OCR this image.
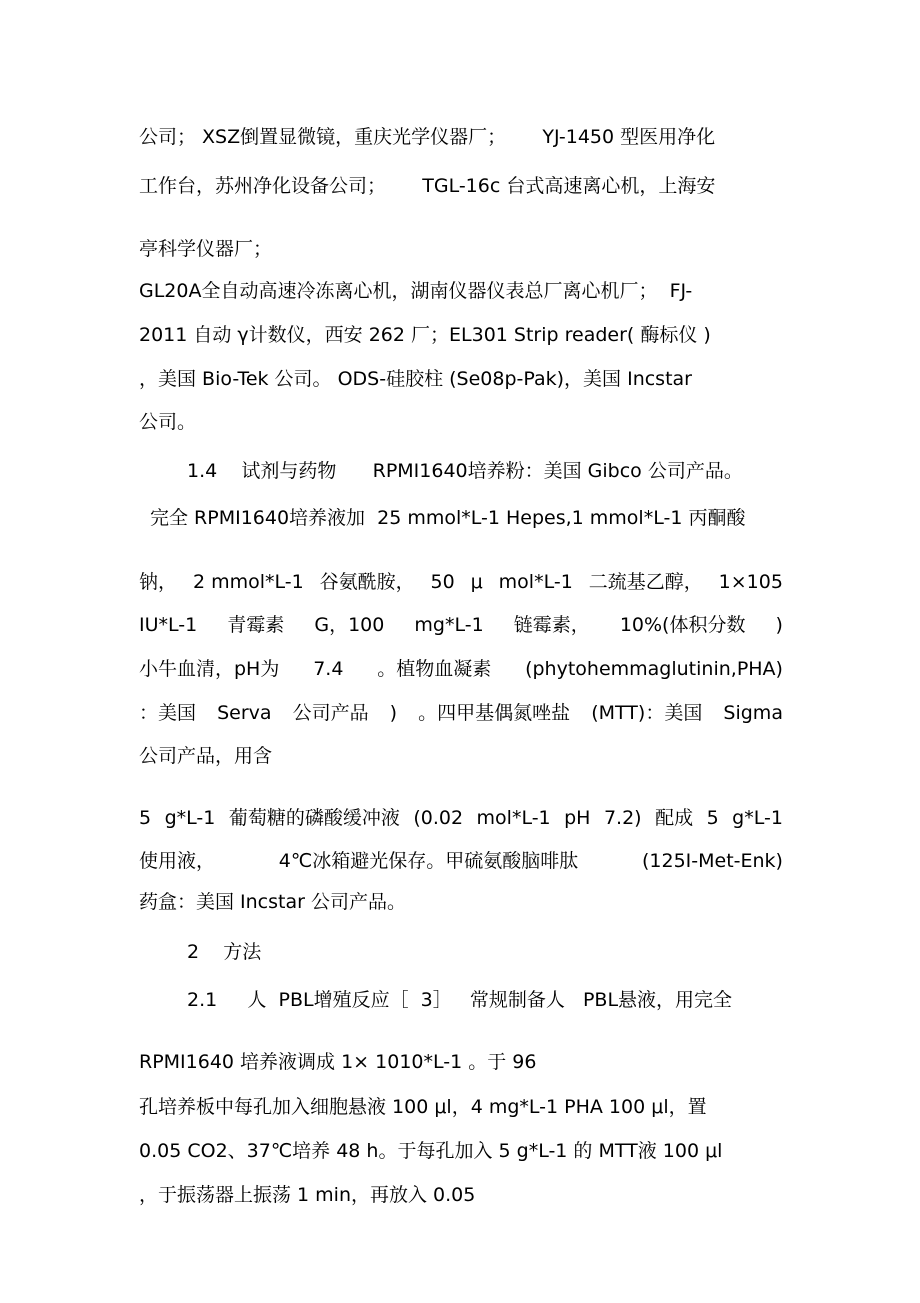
公司； XSZ倒置显微镜，重庆光学仪器厂；      YJ-1450 型医用净化
工作台，苏州净化设备公司；      TGL-16c 台式高速离心机，上海安
亭科学仪器厂；
GL20A全自动高速冷冻离心机，湖南仪器仪表总厂离心机厂；  FJ-
2011 自动 γ计数仪，西安 262 厂；EL301 Strip reader( 酶标仪 )
，美国 Bio-Tek 公司。 ODS-硅胶柱 (Se08p-Pak)，美国 Incstar
公司。
1.4    试剂与药物      RPMI1640培养粉：美国 Gibco 公司产品。
完全 RPMI1640培养液加  25 mmol*L-1 Hepes,1 mmol*L-1 丙酮酸
钠， 2 mmol*L-1 谷氨酰胺， 50 μ mol*L-1 二巯基乙醇， 1×105
IU*L-1 青霉素 G，100 mg*L-1 链霉素， 10%(体积分数 )
小牛血清，pH为 7.4 。植物血凝素 (phytohemmaglutinin,PHA)
：美国 Serva 公司产品 ) 。四甲基偶氮唑盐 (MTT)：美国 Sigma
公司产品，用含
5 g*L-1 葡萄糖的磷酸缓冲液 (0.02 mol*L-1 pH 7.2) 配成 5 g*L-1
使用液，	4℃冰箱避光保存。甲硫氨酸脑啡肽	(125I-Met-Enk)
药盒：美国 Incstar 公司产品。
2    方法
2.1     人  PBL增殖反应［  3］   常规制备人   PBL悬液，用完全
RPMI1640 培养液调成 1× 1010*L-1 。于 96
孔培养板中每孔加入细胞悬液 100 μl，4 mg*L-1 PHA 100 μl，置
0.05 CO2、37℃培养 48 h。于每孔加入 5 g*L-1 的 MTT液 100 μl
，于振荡器上振荡 1 min，再放入 0.05
